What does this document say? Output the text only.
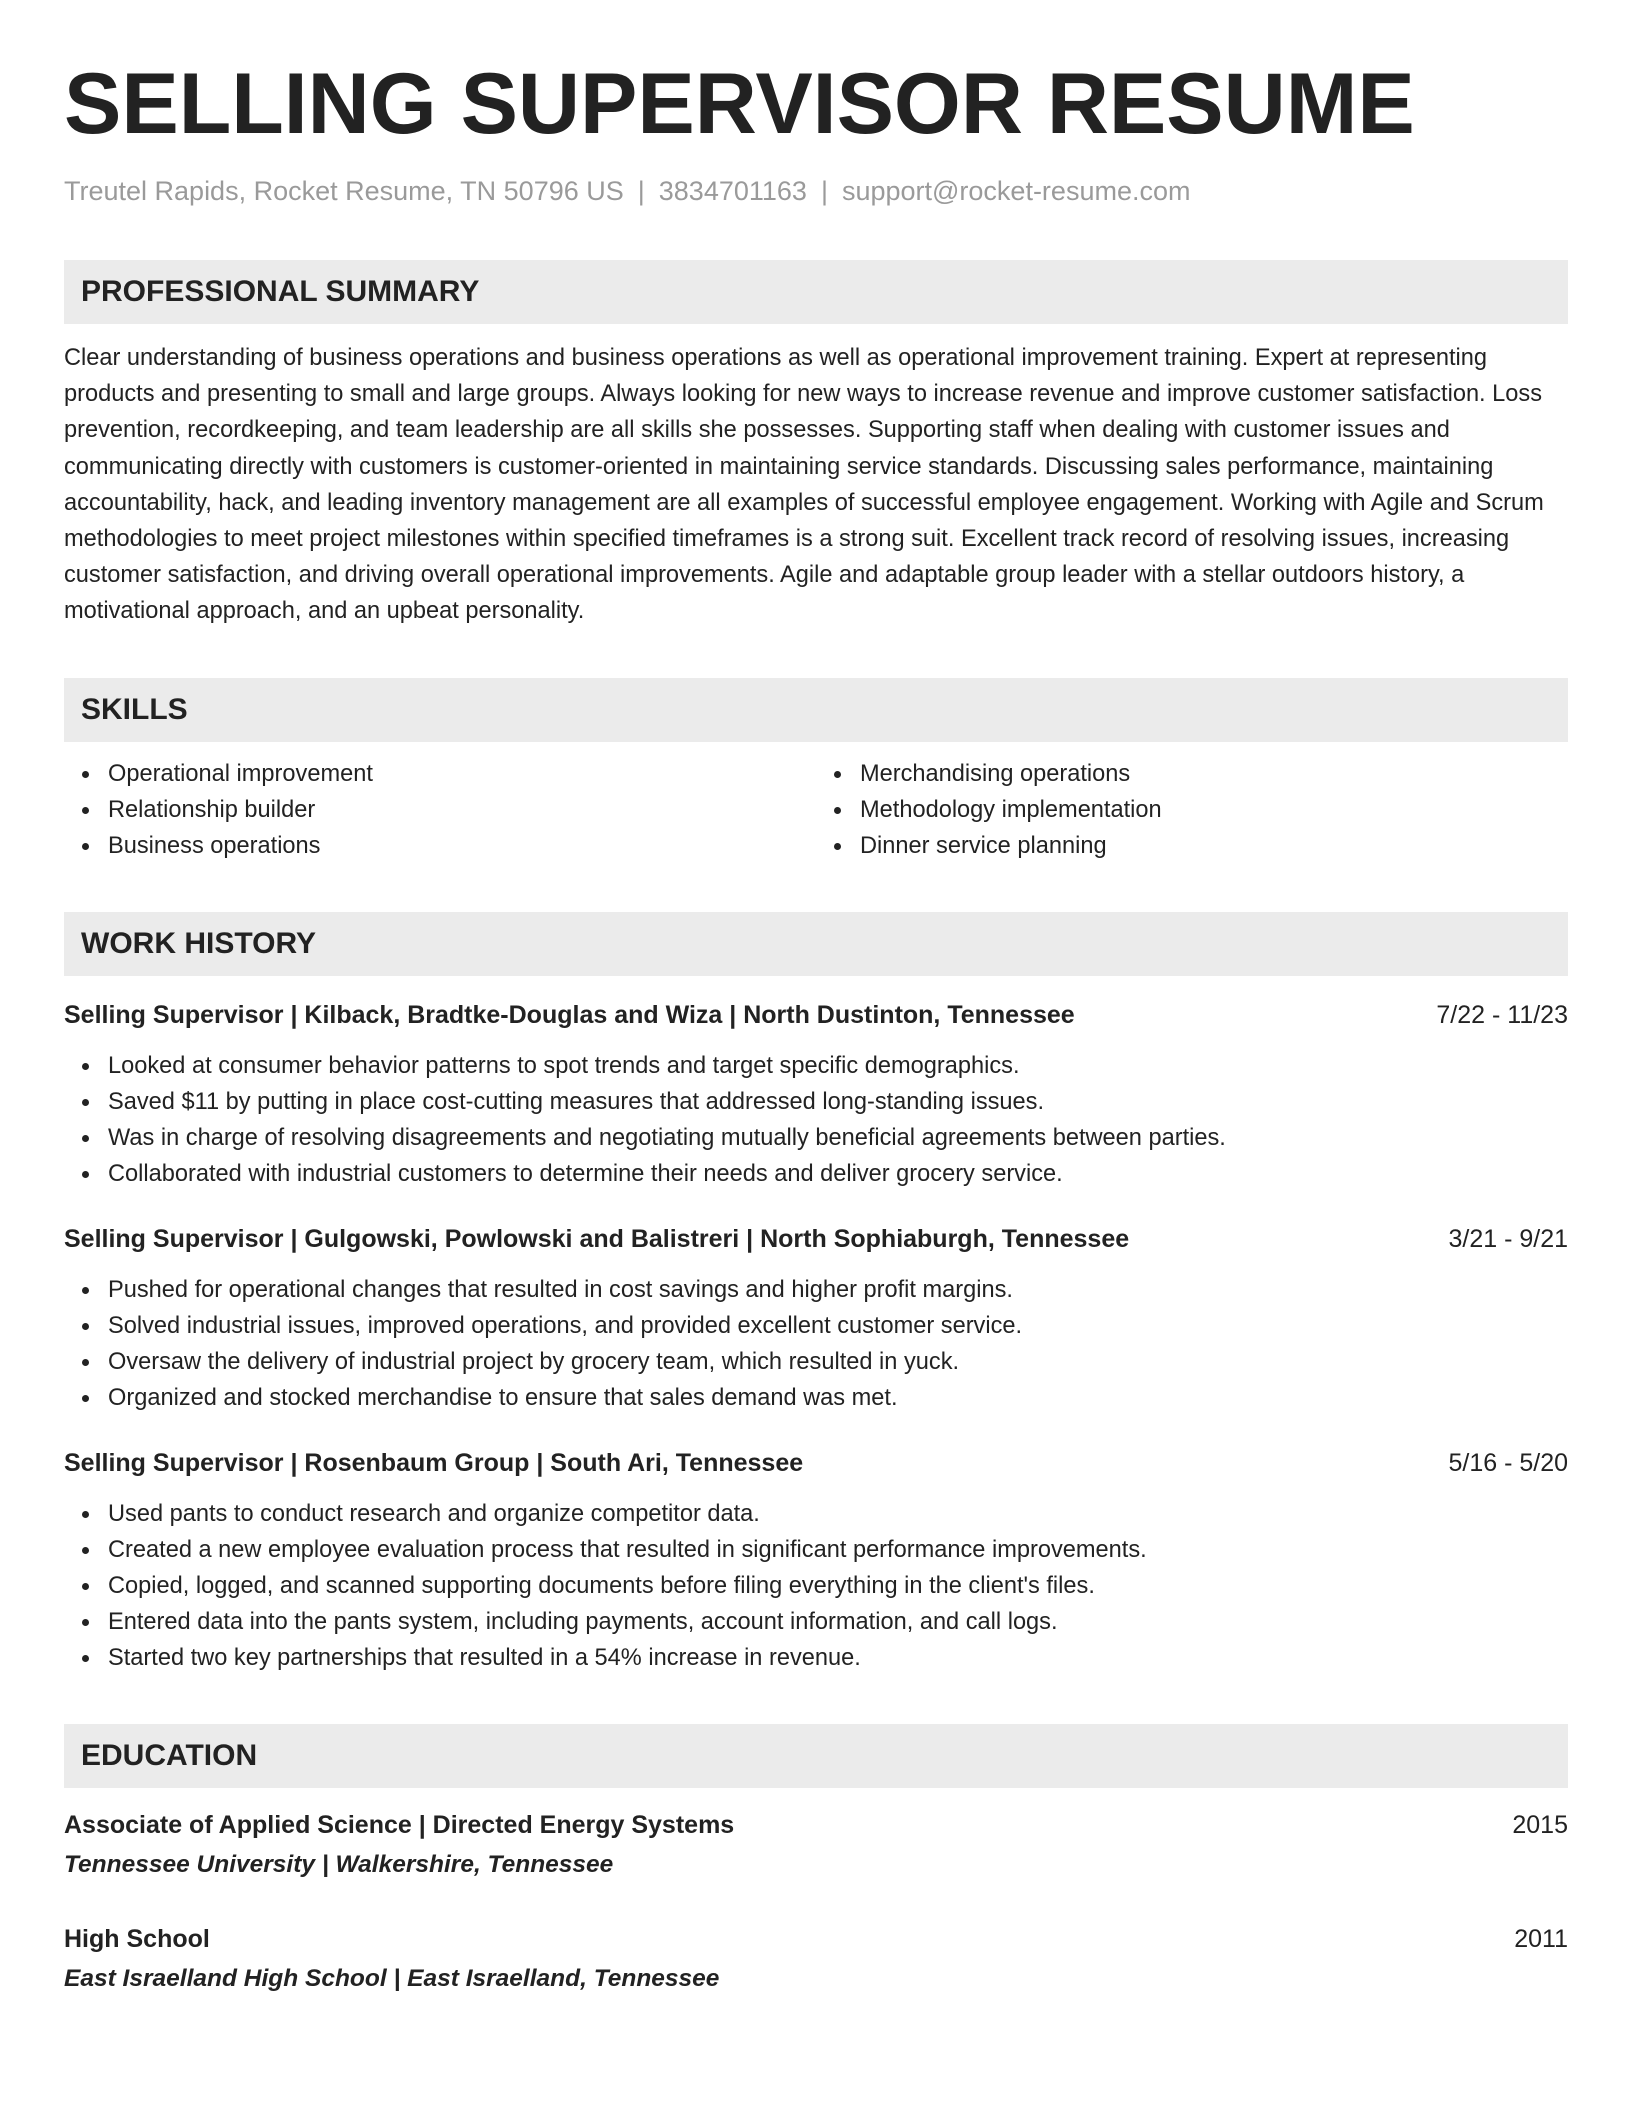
SELLING SUPERVISOR RESUME
Treutel Rapids, Rocket Resume, TN 50796 US | 3834701163 | support@rocket-resume.com
PROFESSIONAL SUMMARY
Clear understanding of business operations and business operations as well as operational improvement training. Expert at representing products and presenting to small and large groups. Always looking for new ways to increase revenue and improve customer satisfaction. Loss prevention, recordkeeping, and team leadership are all skills she possesses. Supporting staff when dealing with customer issues and communicating directly with customers is customer-oriented in maintaining service standards. Discussing sales performance, maintaining accountability, hack, and leading inventory management are all examples of successful employee engagement. Working with Agile and Scrum methodologies to meet project milestones within specified timeframes is a strong suit. Excellent track record of resolving issues, increasing customer satisfaction, and driving overall operational improvements. Agile and adaptable group leader with a stellar outdoors history, a motivational approach, and an upbeat personality.
SKILLS
Operational improvement
Relationship builder
Business operations
Merchandising operations
Methodology implementation
Dinner service planning
WORK HISTORY
Selling Supervisor | Kilback, Bradtke-Douglas and Wiza | North Dustinton, Tennessee	7/22 - 11/23
Looked at consumer behavior patterns to spot trends and target specific demographics.
Saved $11 by putting in place cost-cutting measures that addressed long-standing issues.
Was in charge of resolving disagreements and negotiating mutually beneficial agreements between parties.
Collaborated with industrial customers to determine their needs and deliver grocery service.
Selling Supervisor | Gulgowski, Powlowski and Balistreri | North Sophiaburgh, Tennessee	3/21 - 9/21
Pushed for operational changes that resulted in cost savings and higher profit margins.
Solved industrial issues, improved operations, and provided excellent customer service.
Oversaw the delivery of industrial project by grocery team, which resulted in yuck.
Organized and stocked merchandise to ensure that sales demand was met.
Selling Supervisor | Rosenbaum Group | South Ari, Tennessee	5/16 - 5/20
Used pants to conduct research and organize competitor data.
Created a new employee evaluation process that resulted in significant performance improvements.
Copied, logged, and scanned supporting documents before filing everything in the client's files.
Entered data into the pants system, including payments, account information, and call logs.
Started two key partnerships that resulted in a 54% increase in revenue.
EDUCATION
Associate of Applied Science | Directed Energy Systems	2015
Tennessee University | Walkershire, Tennessee
High School	2011
East Israelland High School | East Israelland, Tennessee
